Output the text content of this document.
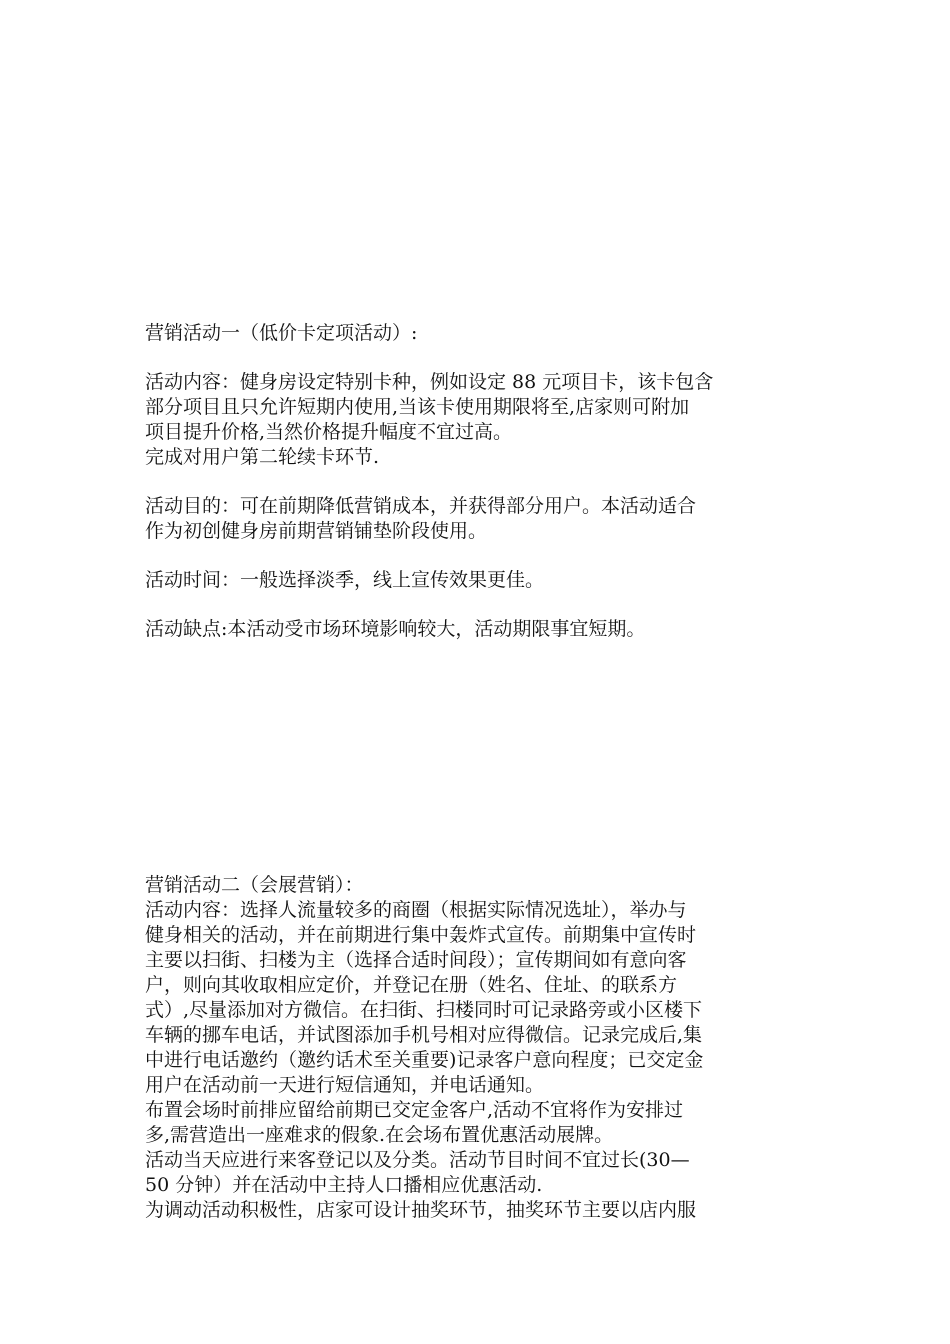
营销活动一（低价卡定项活动）:
活动内容：健身房设定特别卡种，例如设定 88 元项目卡，该卡包含
部分项目且只允许短期内使用,当该卡使用期限将至,店家则可附加
项目提升价格,当然价格提升幅度不宜过高。
完成对用户第二轮续卡环节.
活动目的：可在前期降低营销成本，并获得部分用户。本活动适合
作为初创健身房前期营销铺垫阶段使用。
活动时间：一般选择淡季，线上宣传效果更佳。
活动缺点:本活动受市场环境影响较大，活动期限事宜短期。
营销活动二（会展营销）：
活动内容：选择人流量较多的商圈（根据实际情况选址），举办与
健身相关的活动，并在前期进行集中轰炸式宣传。前期集中宣传时
主要以扫街、扫楼为主（选择合适时间段）；宣传期间如有意向客
户，则向其收取相应定价，并登记在册（姓名、住址、的联系方
式）,尽量添加对方微信。在扫街、扫楼同时可记录路旁或小区楼下
车辆的挪车电话，并试图添加手机号相对应得微信。记录完成后,集
中进行电话邀约（邀约话术至关重要)记录客户意向程度；已交定金
用户在活动前一天进行短信通知，并电话通知。
布置会场时前排应留给前期已交定金客户,活动不宜将作为安排过
多,需营造出一座难求的假象.在会场布置优惠活动展牌。
活动当天应进行来客登记以及分类。活动节目时间不宜过长(30—
50 分钟）并在活动中主持人口播相应优惠活动.
为调动活动积极性，店家可设计抽奖环节，抽奖环节主要以店内服
